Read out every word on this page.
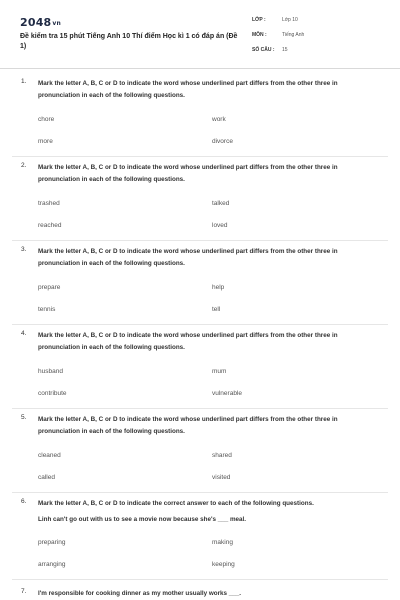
2048vn
Đề kiểm tra 15 phút Tiếng Anh 10 Thí điểm Học kì 1 có đáp án (Đề 1)
LỚP :	Lớp 10
MÔN :	Tiếng Anh
SỐ CÂU : 15
1. Mark the letter A, B, C or D to indicate the word whose underlined part differs from the other three in pronunciation in each of the following questions.
chore	work
more	divorce
2. Mark the letter A, B, C or D to indicate the word whose underlined part differs from the other three in pronunciation in each of the following questions.
trashed	talked
reached	loved
3. Mark the letter A, B, C or D to indicate the word whose underlined part differs from the other three in pronunciation in each of the following questions.
prepare	help
tennis	tell
4. Mark the letter A, B, C or D to indicate the word whose underlined part differs from the other three in pronunciation in each of the following questions.
husband	mum
contribute	vulnerable
5. Mark the letter A, B, C or D to indicate the word whose underlined part differs from the other three in pronunciation in each of the following questions.
cleaned	shared
called	visited
6. Mark the letter A, B, C or D to indicate the correct answer to each of the following questions.
Linh can't go out with us to see a movie now because she's ___ meal.
preparing	making
arranging	keeping
7. I'm responsible for cooking dinner as my mother usually works ___.
